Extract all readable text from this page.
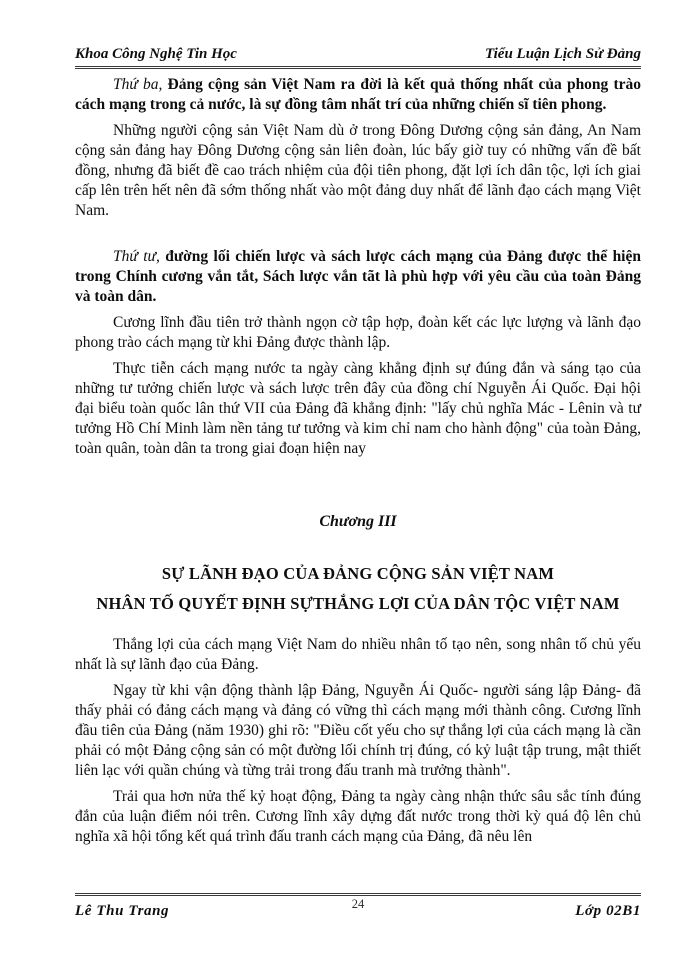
Khoa Công Nghệ Tin Học	Tiểu Luận Lịch Sử Đảng

Thứ ba, Đảng cộng sản Việt Nam ra đời là kết quả thống nhất của phong trào cách mạng trong cả nước, là sự đồng tâm nhất trí của những chiến sĩ tiên phong.

Những người cộng sản Việt Nam dù ở trong Đông Dương cộng sản đảng, An Nam cộng sản đảng hay Đông Dương cộng sản liên đoàn, lúc bấy giờ tuy có những vấn đề bất đồng, nhưng đã biết đề cao trách nhiệm của đội tiên phong, đặt lợi ích dân tộc, lợi ích giai cấp lên trên hết nên đã sớm thống nhất vào một đảng duy nhất để lãnh đạo cách mạng Việt Nam.

Thứ tư, đường lối chiến lược và sách lược cách mạng của Đảng được thể hiện trong Chính cương vắn tắt, Sách lược vắn tãt là phù hợp với yêu cầu của toàn Đảng và toàn dân.

Cương lĩnh đầu tiên trở thành ngọn cờ tập hợp, đoàn kết các lực lượng và lãnh đạo phong trào cách mạng từ khi Đảng được thành lập.

Thực tiễn cách mạng nước ta ngày càng khẳng định sự đúng đắn và sáng tạo của những tư tưởng chiến lược và sách lược trên đây của đồng chí Nguyễn Ái Quốc. Đại hội đại biểu toàn quốc lân thứ VII của Đảng đã khẳng định: "lấy chủ nghĩa Mác - Lênin và tư tưởng Hồ Chí Minh làm nền tảng tư tưởng và kim chỉ nam cho hành động" của toàn Đảng, toàn quân, toàn dân ta trong giai đoạn hiện nay

Chương III
SỰ LÃNH ĐẠO CỦA ĐẢNG CỘNG SẢN VIỆT NAM
NHÂN TỐ QUYẾT ĐỊNH SỰTHẮNG LỢI CỦA DÂN TỘC VIỆT NAM

Thắng lợi của cách mạng Việt Nam do nhiều nhân tố tạo nên, song nhân tố chủ yếu nhất là sự lãnh đạo của Đảng.

Ngay từ khi vận động thành lập Đảng, Nguyễn Ái Quốc- người sáng lập Đảng- đã thấy phải có đảng cách mạng và đảng có vững thì cách mạng mới thành công. Cương lĩnh đầu tiên của Đảng (năm 1930) ghi rõ: "Điều cốt yếu cho sự thắng lợi của cách mạng là cần phải có một Đảng cộng sản có một đường lối chính trị đúng, có kỷ luật tập trung, mật thiết liên lạc với quần chúng và từng trải trong đấu tranh mà trưởng thành".

Trải qua hơn nửa thế kỷ hoạt động, Đảng ta ngày càng nhận thức sâu sắc tính đúng đắn của luận điểm nói trên. Cương lĩnh xây dựng đất nước trong thời kỳ quá độ lên chủ nghĩa xã hội tổng kết quá trình đấu tranh cách mạng của Đảng, đã nêu lên

24
Lê Thu Trang	Lớp 02B1
